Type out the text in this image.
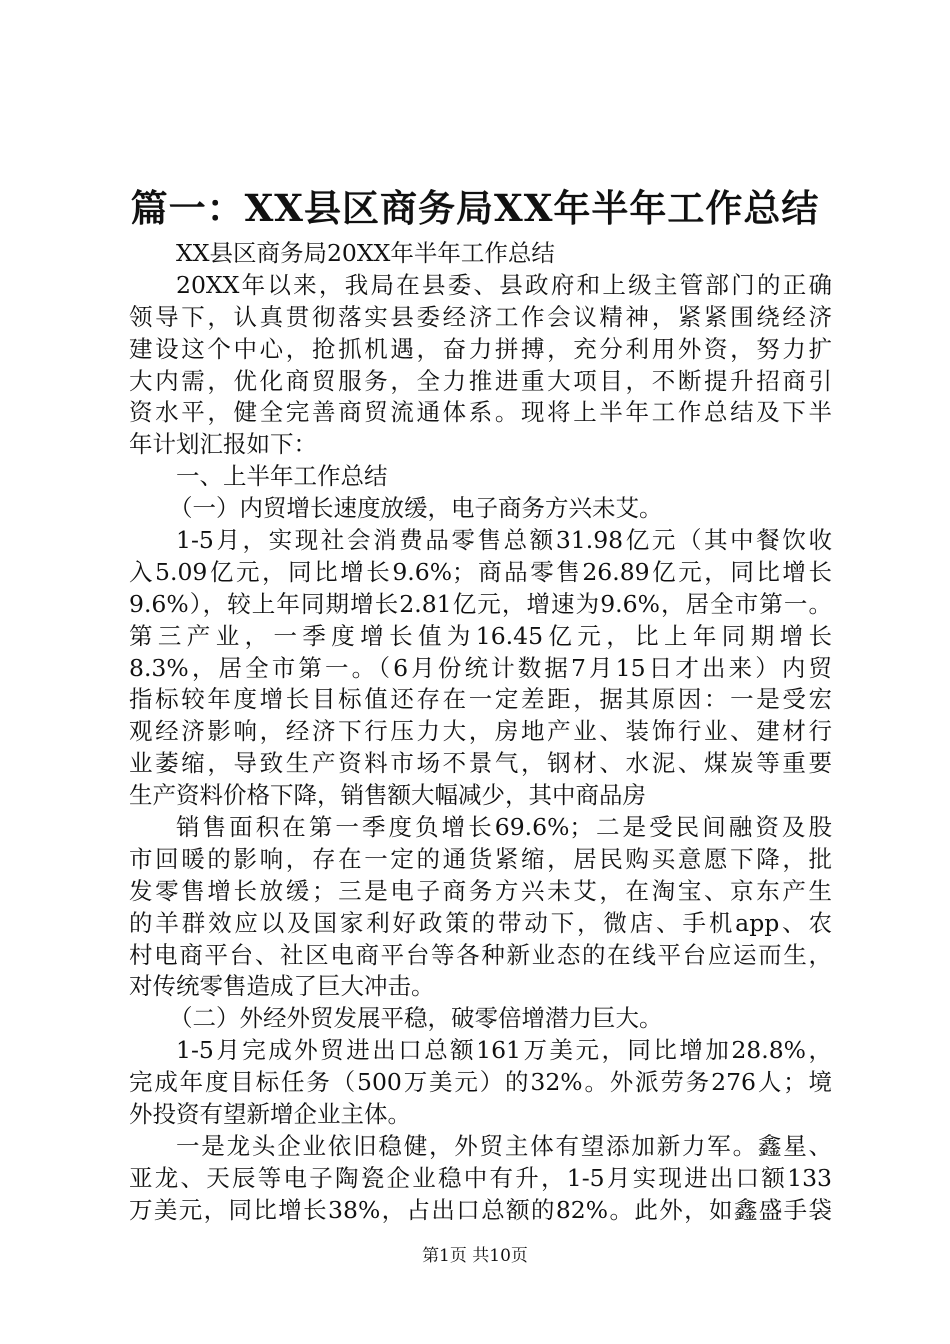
篇一：XX县区商务局XX年半年工作总结
XX县区商务局20XX年半年工作总结
20XX年以来，我局在县委、县政府和上级主管部门的正确
领导下，认真贯彻落实县委经济工作会议精神，紧紧围绕经济
建设这个中心，抢抓机遇，奋力拼搏，充分利用外资，努力扩
大内需，优化商贸服务，全力推进重大项目，不断提升招商引
资水平，健全完善商贸流通体系。现将上半年工作总结及下半
年计划汇报如下：
一、上半年工作总结
（一）内贸增长速度放缓，电子商务方兴未艾。
1-5月，实现社会消费品零售总额31.98亿元（其中餐饮收
入5.09亿元，同比增长9.6%；商品零售26.89亿元，同比增长
9.6%），较上年同期增长2.81亿元，增速为9.6%，居全市第一。
第三产业，一季度增长值为16.45亿元，比上年同期增长
8.3%，居全市第一。（6月份统计数据7月15日才出来）内贸
指标较年度增长目标值还存在一定差距，据其原因：一是受宏
观经济影响，经济下行压力大，房地产业、装饰行业、建材行
业萎缩，导致生产资料市场不景气，钢材、水泥、煤炭等重要
生产资料价格下降，销售额大幅减少，其中商品房
销售面积在第一季度负增长69.6%；二是受民间融资及股
市回暖的影响，存在一定的通货紧缩，居民购买意愿下降，批
发零售增长放缓；三是电子商务方兴未艾，在淘宝、京东产生
的羊群效应以及国家利好政策的带动下，微店、手机app、农
村电商平台、社区电商平台等各种新业态的在线平台应运而生，
对传统零售造成了巨大冲击。
（二）外经外贸发展平稳，破零倍增潜力巨大。
1-5月完成外贸进出口总额161万美元，同比增加28.8%，
完成年度目标任务（500万美元）的32%。外派劳务276人；境
外投资有望新增企业主体。
一是龙头企业依旧稳健，外贸主体有望添加新力军。鑫星、
亚龙、天辰等电子陶瓷企业稳中有升，1-5月实现进出口额133
万美元，同比增长38%，占出口总额的82%。此外，如鑫盛手袋
第1页 共10页
